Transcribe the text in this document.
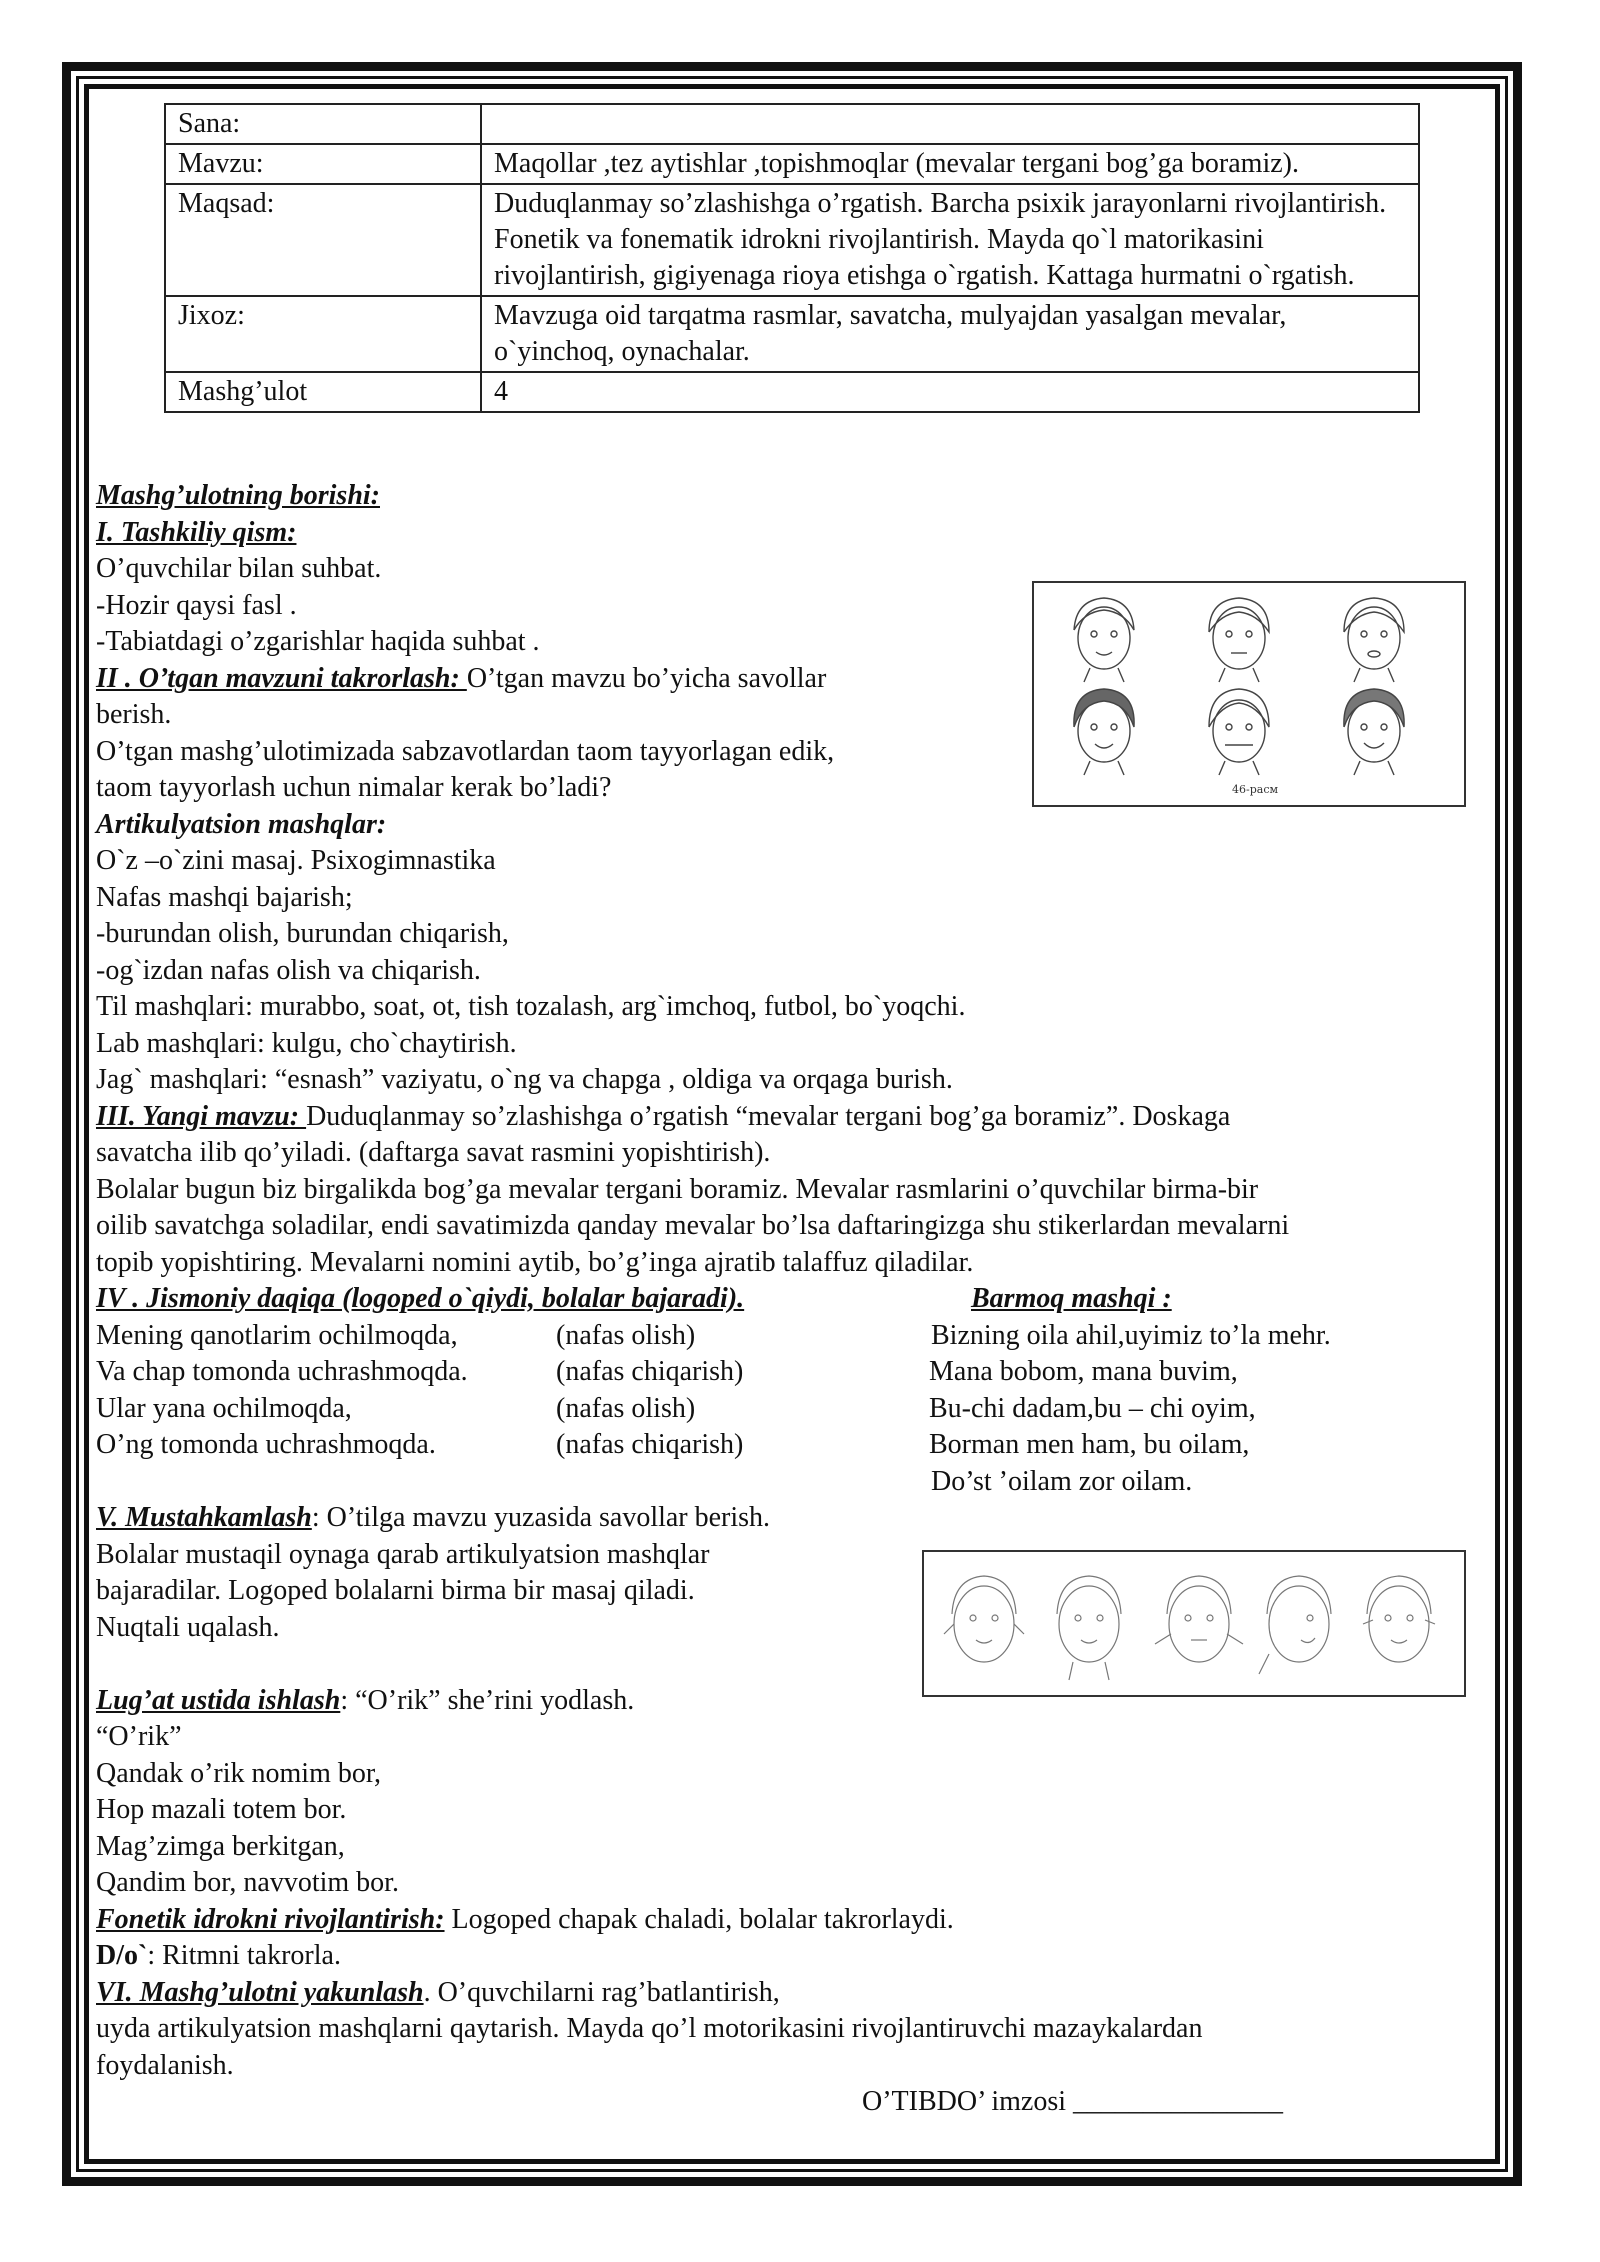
Sana:	
Mavzu:	Maqollar ,tez aytishlar ,topishmoqlar (mevalar tergani bog’ga boramiz).
Maqsad:	Duduqlanmay so’zlashishga o’rgatish. Barcha psixik jarayonlarni rivojlantirish. Fonetik va fonematik idrokni rivojlantirish. Mayda qo`l matorikasini rivojlantirish, gigiyenaga rioya etishga o`rgatish. Kattaga hurmatni o`rgatish.
Jixoz:	Mavzuga oid tarqatma rasmlar, savatcha, mulyajdan yasalgan mevalar, o`yinchoq, oynachalar.
Mashg’ulot	4

Mashg’ulotning borishi:

I. Tashkiliy qism:

O’quvchilar bilan suhbat.

-Hozir qaysi fasl .

-Tabiatdagi o’zgarishlar haqida suhbat .

II . O’tgan mavzuni takrorlash: O’tgan mavzu bo’yicha savollar

berish.

O’tgan mashg’ulotimizada sabzavotlardan taom tayyorlagan edik,

taom tayyorlash uchun nimalar kerak bo’ladi?

Artikulyatsion mashqlar:

O`z –o`zini masaj. Psixogimnastika

Nafas mashqi bajarish;

-burundan olish, burundan chiqarish,

-og`izdan nafas olish va chiqarish.

Til mashqlari: murabbo, soat, ot, tish tozalash, arg`imchoq, futbol, bo`yoqchi.

Lab mashqlari: kulgu, cho`chaytirish.

Jag` mashqlari: “esnash” vaziyatu, o`ng va chapga , oldiga va orqaga burish.

III. Yangi mavzu: Duduqlanmay so’zlashishga o’rgatish “mevalar tergani bog’ga boramiz”. Doskaga

savatcha ilib qo’yiladi. (daftarga savat rasmini yopishtirish).

Bolalar bugun biz birgalikda bog’ga mevalar tergani boramiz. Mevalar rasmlarini o’quvchilar birma-bir

oilib savatchga soladilar, endi savatimizda qanday mevalar bo’lsa daftaringizga shu stikerlardan mevalarni

topib yopishtiring. Mevalarni nomini aytib, bo’g’inga ajratib talaffuz qiladilar.

IV . Jismoniy daqiqa (logoped o`qiydi, bolalar bajaradi).	Barmoq mashqi :
Mening qanotlarim ochilmoqda,	(nafas olish)	Bizning oila ahil,uyimiz to’la mehr.
Va chap tomonda uchrashmoqda.	(nafas chiqarish)	Mana bobom, mana buvim,
Ular yana ochilmoqda,	(nafas olish)	Bu-chi dadam,bu – chi oyim,
O’ng tomonda uchrashmoqda.	(nafas chiqarish)	Borman men ham, bu oilam,
Do’st ’oilam zor oilam.

V. Mustahkamlash: O’tilga mavzu yuzasida savollar berish.

Bolalar mustaqil oynaga qarab artikulyatsion mashqlar

bajaradilar. Logoped bolalarni birma bir masaj qiladi.

Nuqtali uqalash.

Lug’at ustida ishlash: “O’rik” she’rini yodlash.

“O’rik”

Qandak o’rik nomim bor,

Hop mazali totem bor.

Mag’zimga berkitgan,

Qandim bor, navvotim bor.

Fonetik idrokni rivojlantirish: Logoped chapak chaladi, bolalar takrorlaydi.

D/o`: Ritmni takrorla.

VI. Mashg’ulotni yakunlash. O’quvchilarni rag’batlantirish,

uyda artikulyatsion mashqlarni qaytarish. Mayda qo’l motorikasini rivojlantiruvchi mazaykalardan

foydalanish.

O’TIBDO’ imzosi _______________

46-расм
